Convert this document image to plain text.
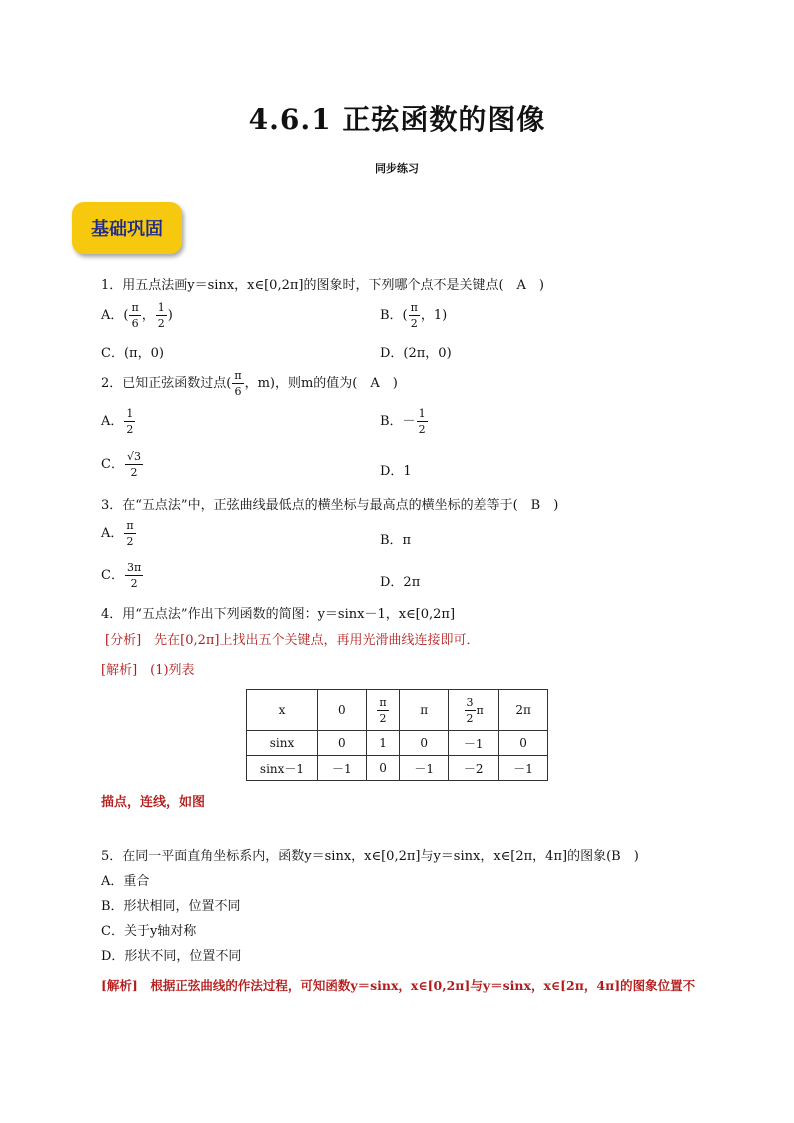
4.6.1 正弦函数的图像
同步练习
基础巩固
1．用五点法画y＝sinx，x∈[0,2π]的图象时，下列哪个点不是关键点(　A　)
A．( $\frac{\pi}{6}$ ， $\frac{1}{2}$ )	B．( $\frac{\pi}{2}$ ，1)
C．(π，0)	D．(2π，0)
2．已知正弦函数过点( $\frac{\pi}{6}$ ，m)，则m的值为(　A　)
A． $\frac{1}{2}$	B．－ $\frac{1}{2}$
C． $\frac{√3}{2}$	D．1
3．在“五点法”中，正弦曲线最低点的横坐标与最高点的横坐标的差等于(　B　)
A． $\frac{\pi}{2}$	B．π
C． $\frac{3\pi}{2}$	D．2π
4．用“五点法”作出下列函数的简图：y＝sinx－1，x∈[0,2π]
[分析]　先在[0,2π]上找出五个关键点，再用光滑曲线连接即可．
[解析]　(1)列表
x	0	$\frac{\pi}{2}$	π	$\frac{3}{2}$ π	2π
sinx	0	1	0	－1	0
sinx－1	－1	0	－1	－2	－1
描点，连线，如图
5．在同一平面直角坐标系内，函数y＝sinx，x∈[0,2π]与y＝sinx，x∈[2π，4π]的图象(B　)
A．重合
B．形状相同，位置不同
C．关于y轴对称
D．形状不同，位置不同
[解析]　根据正弦曲线的作法过程，可知函数y＝sinx，x∈[0,2π]与y＝sinx，x∈[2π，4π]的图象位置不
